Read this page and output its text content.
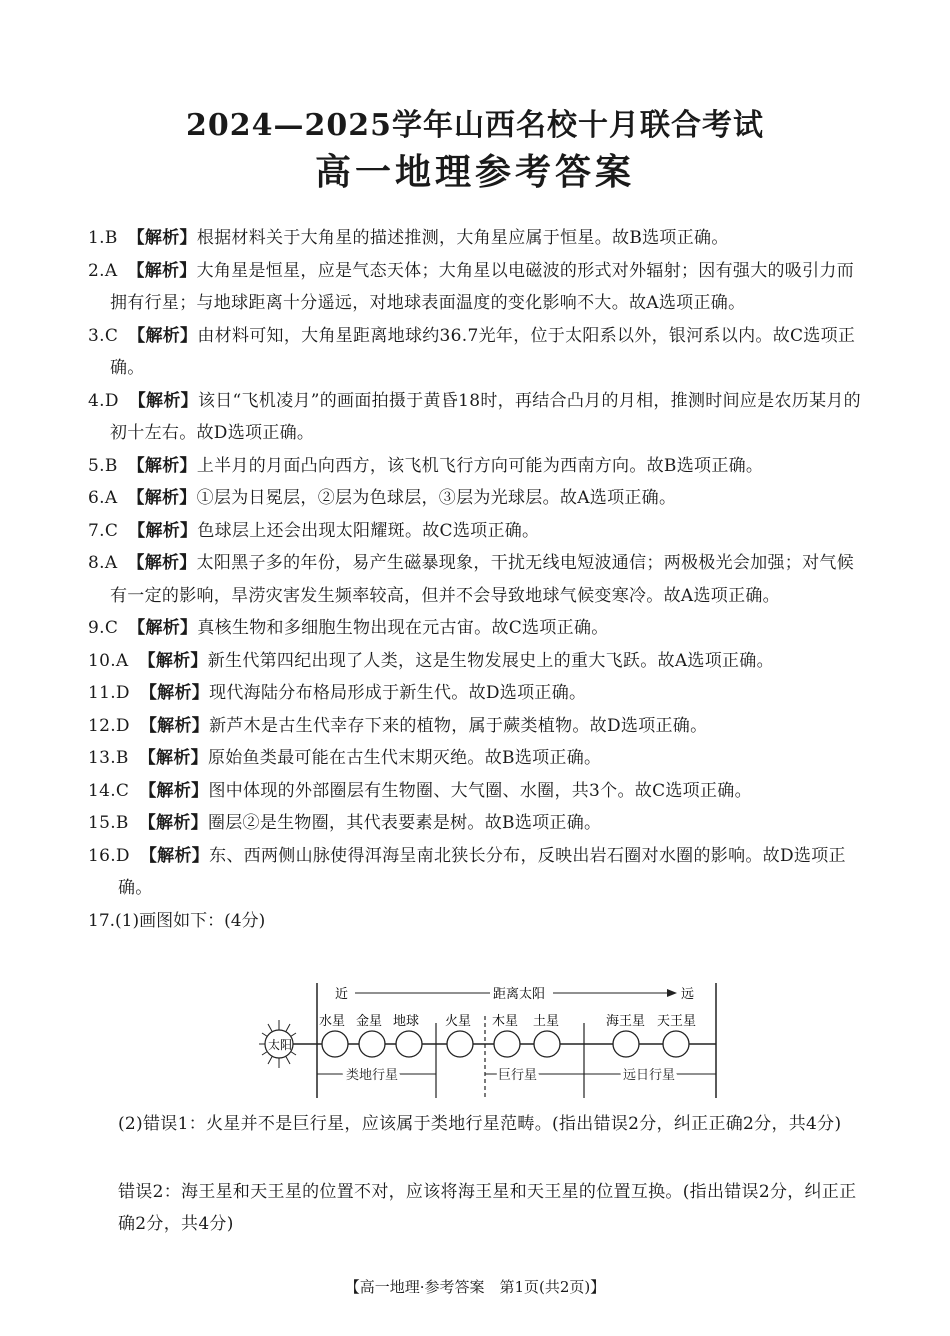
2024—2025学年山西名校十月联合考试
高一地理参考答案

1.B 【解析】根据材料关于大角星的描述推测，大角星应属于恒星。故B选项正确。

2.A 【解析】大角星是恒星，应是气态天体；大角星以电磁波的形式对外辐射；因有强大的吸引力而拥有行星；与地球距离十分遥远，对地球表面温度的变化影响不大。故A选项正确。

3.C 【解析】由材料可知，大角星距离地球约36.7光年，位于太阳系以外，银河系以内。故C选项正确。

4.D 【解析】该日“飞机凌月”的画面拍摄于黄昏18时，再结合凸月的月相，推测时间应是农历某月的初十左右。故D选项正确。

5.B 【解析】上半月的月面凸向西方，该飞机飞行方向可能为西南方向。故B选项正确。

6.A 【解析】①层为日冕层，②层为色球层，③层为光球层。故A选项正确。

7.C 【解析】色球层上还会出现太阳耀斑。故C选项正确。

8.A 【解析】太阳黑子多的年份，易产生磁暴现象，干扰无线电短波通信；两极极光会加强；对气候有一定的影响，旱涝灾害发生频率较高，但并不会导致地球气候变寒冷。故A选项正确。

9.C 【解析】真核生物和多细胞生物出现在元古宙。故C选项正确。

10.A 【解析】新生代第四纪出现了人类，这是生物发展史上的重大飞跃。故A选项正确。

11.D 【解析】现代海陆分布格局形成于新生代。故D选项正确。

12.D 【解析】新芦木是古生代幸存下来的植物，属于蕨类植物。故D选项正确。

13.B 【解析】原始鱼类最可能在古生代末期灭绝。故B选项正确。

14.C 【解析】图中体现的外部圈层有生物圈、大气圈、水圈，共3个。故C选项正确。

15.B 【解析】圈层②是生物圈，其代表要素是树。故B选项正确。

16.D 【解析】东、西两侧山脉使得洱海呈南北狭长分布，反映出岩石圈对水圈的影响。故D选项正确。

17.(1)画图如下：(4分)

近	距离太阳	远
太阳
水星 金星 地球 火星 木星 土星	海王星 天王星
类地行星	巨行星	远日行星
(2)错误1：火星并不是巨行星，应该属于类地行星范畴。(指出错误2分，纠正正确2分，共4分)
错误2：海王星和天王星的位置不对，应该将海王星和天王星的位置互换。(指出错误2分，纠正正确2分，共4分)
【高一地理·参考答案　第1页(共2页)】
